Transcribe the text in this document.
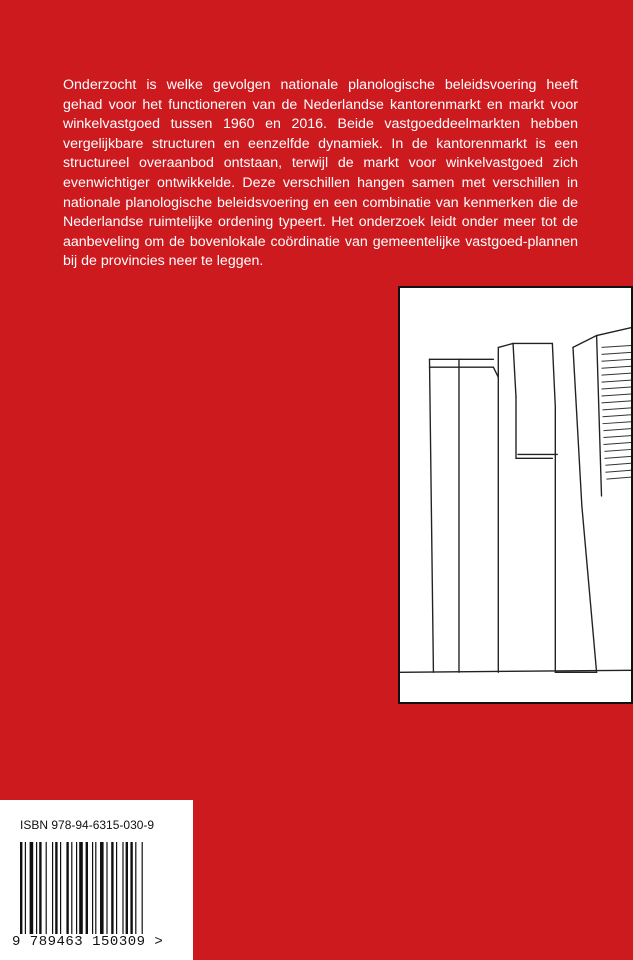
Onderzocht is welke gevolgen nationale planologische beleidsvoering heeft gehad voor het functioneren van de Nederlandse kantorenmarkt en markt voor winkelvastgoed tussen 1960 en 2016. Beide vastgoeddeelmarkten hebben vergelijkbare structuren en eenzelfde dynamiek. In de kantorenmarkt is een structureel overaanbod ontstaan, terwijl de markt voor winkelvastgoed zich evenwichtiger ontwikkelde. Deze verschillen hangen samen met verschillen in nationale planologische beleidsvoering en een combinatie van kenmerken die de Nederlandse ruimtelijke ordening typeert. Het onderzoek leidt onder meer tot de aanbeveling om de bovenlokale coördinatie van gemeentelijke vastgoed-plannen bij de provincies neer te leggen.

ISBN 978-94-6315-030-9
9 789463 150309 >
